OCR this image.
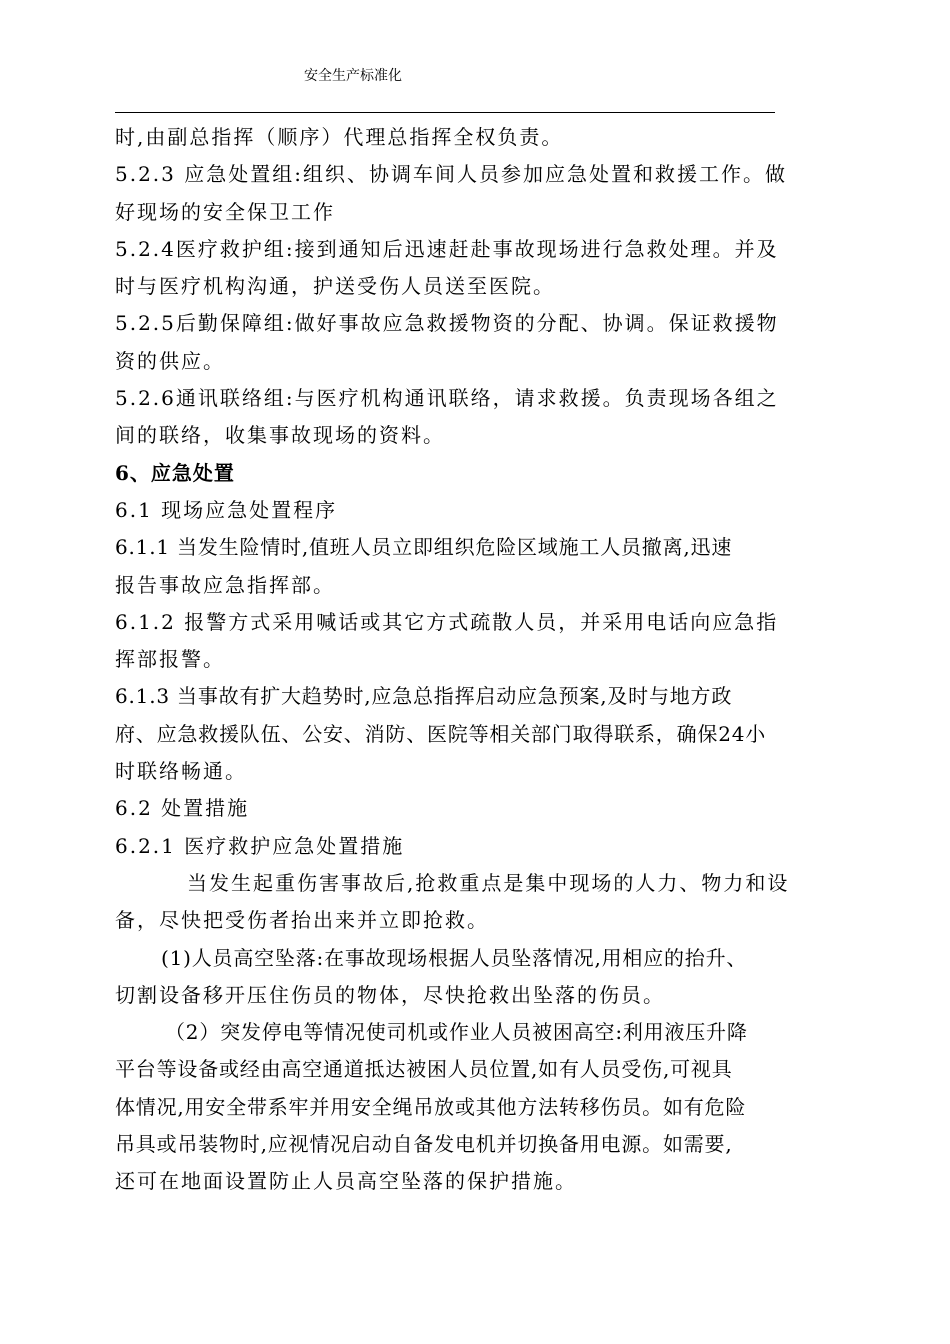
安全生产标准化
时,由副总指挥（顺序）代理总指挥全权负责。
5.2.3 应急处置组:组织、协调车间人员参加应急处置和救援工作。做
好现场的安全保卫工作
5.2.4医疗救护组:接到通知后迅速赶赴事故现场进行急救处理。并及
时与医疗机构沟通，护送受伤人员送至医院。
5.2.5后勤保障组:做好事故应急救援物资的分配、协调。保证救援物
资的供应。
5.2.6通讯联络组:与医疗机构通讯联络，请求救援。负责现场各组之
间的联络，收集事故现场的资料。
6、应急处置
6.1 现场应急处置程序
6.1.1 当发生险情时,值班人员立即组织危险区域施工人员撤离,迅速
报告事故应急指挥部。
6.1.2 报警方式采用喊话或其它方式疏散人员，并采用电话向应急指
挥部报警。
6.1.3 当事故有扩大趋势时,应急总指挥启动应急预案,及时与地方政
府、应急救援队伍、公安、消防、医院等相关部门取得联系，确保24小
时联络畅通。
6.2 处置措施
6.2.1 医疗救护应急处置措施
当发生起重伤害事故后,抢救重点是集中现场的人力、物力和设
备，尽快把受伤者抬出来并立即抢救。
(1)人员高空坠落:在事故现场根据人员坠落情况,用相应的抬升、
切割设备移开压住伤员的物体，尽快抢救出坠落的伤员。
（2）突发停电等情况使司机或作业人员被困高空:利用液压升降
平台等设备或经由高空通道抵达被困人员位置,如有人员受伤,可视具
体情况,用安全带系牢并用安全绳吊放或其他方法转移伤员。如有危险
吊具或吊装物时,应视情况启动自备发电机并切换备用电源。如需要,
还可在地面设置防止人员高空坠落的保护措施。
